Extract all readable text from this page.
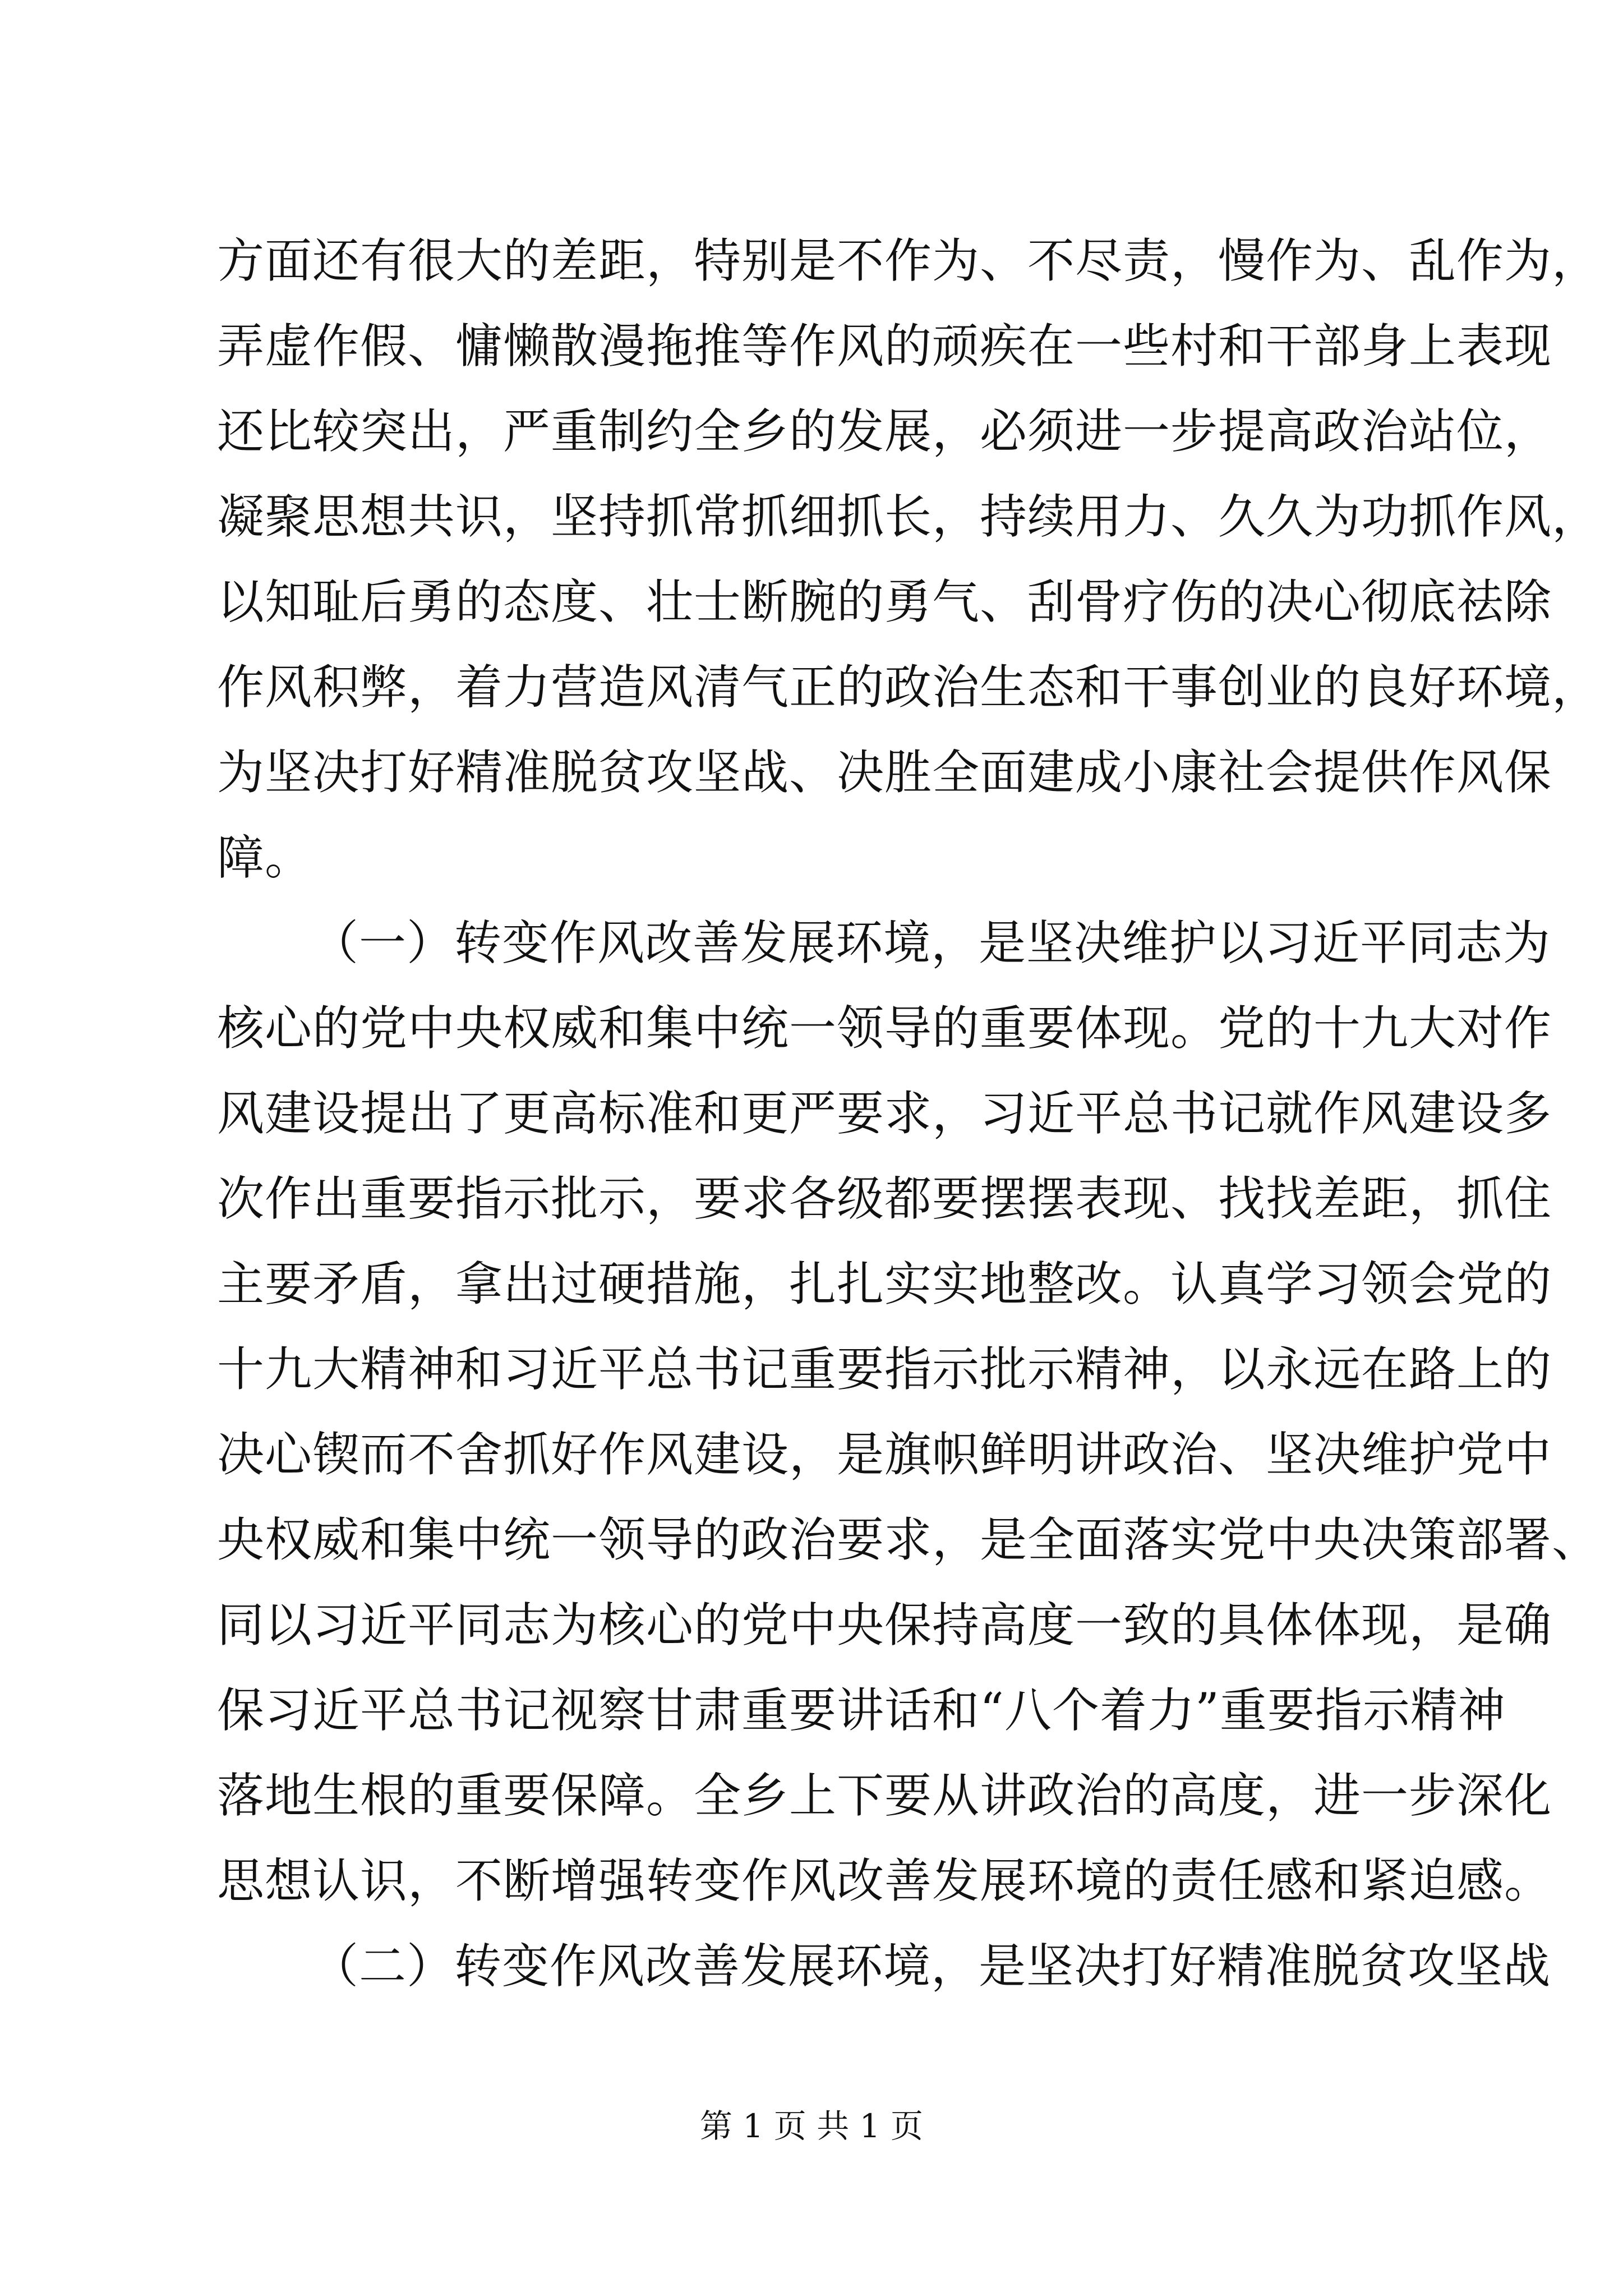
方面还有很大的差距，特别是不作为、不尽责，慢作为、乱作为，
弄虚作假、慵懒散漫拖推等作风的顽疾在一些村和干部身上表现
还比较突出，严重制约全乡的发展，必须进一步提高政治站位，
凝聚思想共识，坚持抓常抓细抓长，持续用力、久久为功抓作风，
以知耻后勇的态度、壮士断腕的勇气、刮骨疗伤的决心彻底祛除
作风积弊，着力营造风清气正的政治生态和干事创业的良好环境，
为坚决打好精准脱贫攻坚战、决胜全面建成小康社会提供作风保
障。
（一）转变作风改善发展环境，是坚决维护以习近平同志为
核心的党中央权威和集中统一领导的重要体现。党的十九大对作
风建设提出了更高标准和更严要求，习近平总书记就作风建设多
次作出重要指示批示，要求各级都要摆摆表现、找找差距，抓住
主要矛盾，拿出过硬措施，扎扎实实地整改。认真学习领会党的
十九大精神和习近平总书记重要指示批示精神，以永远在路上的
决心锲而不舍抓好作风建设，是旗帜鲜明讲政治、坚决维护党中
央权威和集中统一领导的政治要求，是全面落实党中央决策部署、
同以习近平同志为核心的党中央保持高度一致的具体体现，是确
保习近平总书记视察甘肃重要讲话和“八个着力”重要指示精神
落地生根的重要保障。全乡上下要从讲政治的高度，进一步深化
思想认识，不断增强转变作风改善发展环境的责任感和紧迫感。
（二）转变作风改善发展环境，是坚决打好精准脱贫攻坚战
第 1 页 共 1 页
